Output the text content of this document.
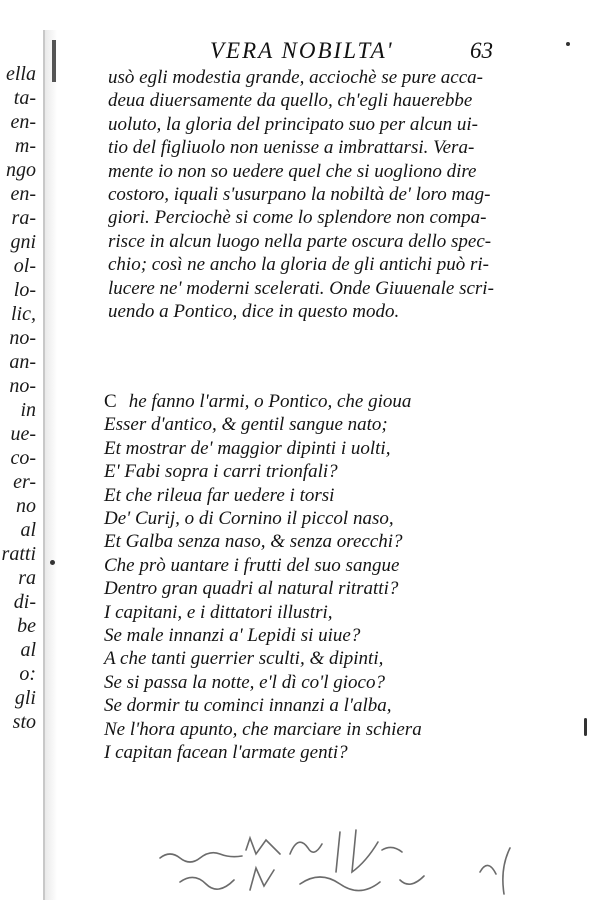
ella
ta-
en-
m-
ngo
en-
ra-
gni
ol-
lo-
lic,
no-
an-
no-
in
ue-
co-
er-
no
al
ratti
ra
di-
be
al
o:
gli
sto
VERA NOBILTA'	63
usò egli modestia grande, acciochè se pure acca-
deua diuersamente da quello, ch'egli hauerebbe
uoluto, la gloria del principato suo per alcun ui-
tio del figliuolo non uenisse a imbrattarsi. Vera-
mente io non so uedere quel che si uogliono dire
costoro, iquali s'usurpano la nobiltà de' loro mag-
giori. Perciochè si come lo splendore non compa-
risce in alcun luogo nella parte oscura dello spec-
chio; così ne ancho la gloria de gli antichi può ri-
lucere ne' moderni scelerati. Onde Giuuenale scri-
uendo a Pontico, dice in questo modo.
C he fanno l'armi, o Pontico, che gioua
Esser d'antico, & gentil sangue nato;
Et mostrar de' maggior dipinti i uolti,
E' Fabi sopra i carri trionfali?
Et che rileua far uedere i torsi
De' Curij, o di Cornino il piccol naso,
Et Galba senza naso, & senza orecchi?
Che prò uantare i frutti del suo sangue
Dentro gran quadri al natural ritratti?
I capitani, e i dittatori illustri,
Se male innanzi a' Lepidi si uiue?
A che tanti guerrier sculti, & dipinti,
Se si passa la notte, e'l dì co'l gioco?
Se dormir tu cominci innanzi a l'alba,
Ne l'hora apunto, che marciare in schiera
I capitan facean l'armate genti?
